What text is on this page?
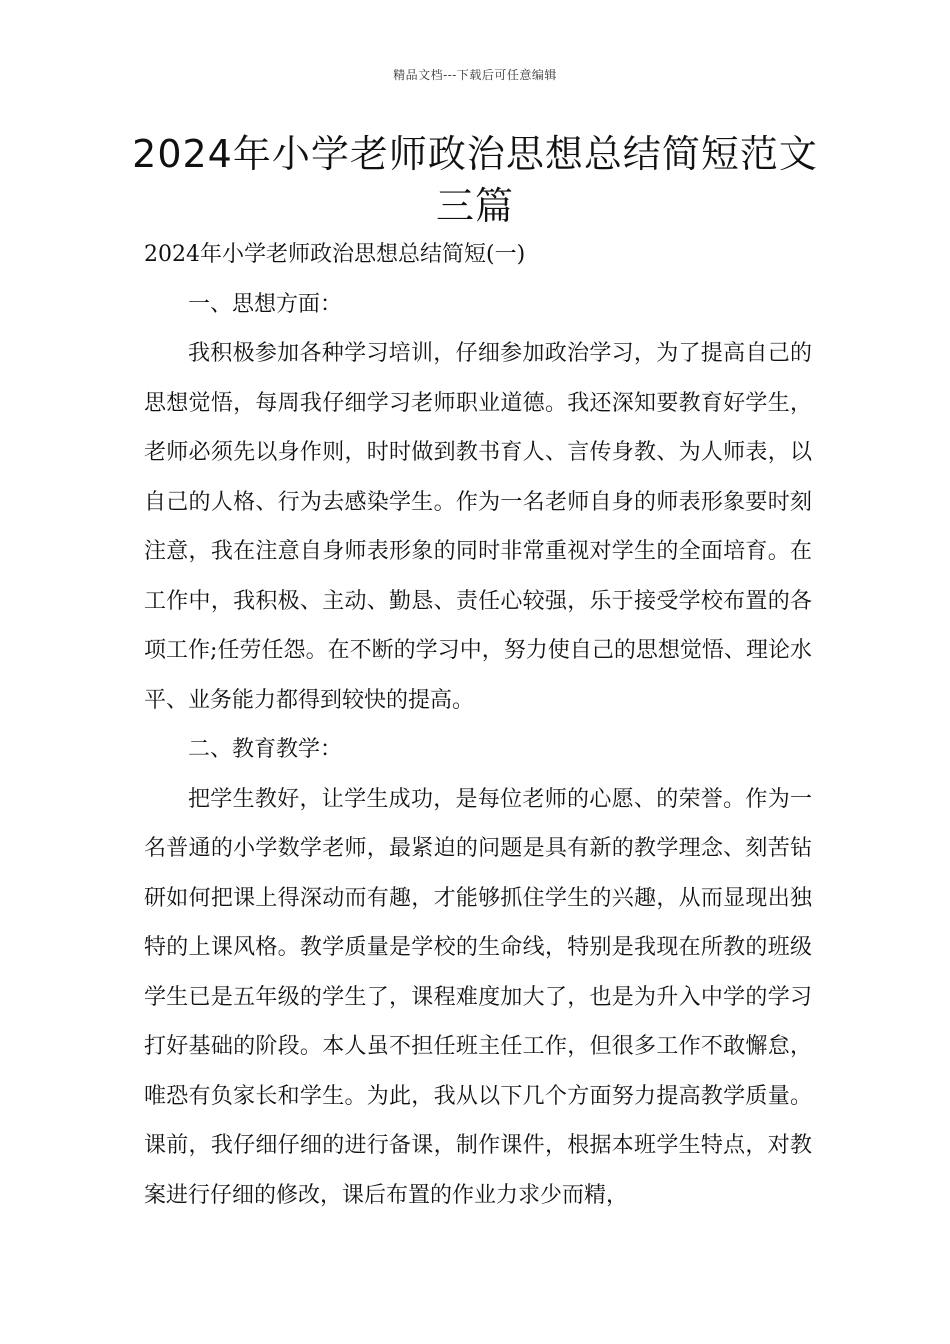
精品文档---下载后可任意编辑
2024年小学老师政治思想总结简短范文三篇

2024年小学老师政治思想总结简短(一)

一、思想方面：

我积极参加各种学习培训，仔细参加政治学习，为了提高自己的思想觉悟，每周我仔细学习老师职业道德。我还深知要教育好学生，老师必须先以身作则，时时做到教书育人、言传身教、为人师表，以自己的人格、行为去感染学生。作为一名老师自身的师表形象要时刻注意，我在注意自身师表形象的同时非常重视对学生的全面培育。在工作中，我积极、主动、勤恳、责任心较强，乐于接受学校布置的各项工作;任劳任怨。在不断的学习中，努力使自己的思想觉悟、理论水平、业务能力都得到较快的提高。

二、教育教学：

把学生教好，让学生成功，是每位老师的心愿、的荣誉。作为一名普通的小学数学老师，最紧迫的问题是具有新的教学理念、刻苦钻研如何把课上得深动而有趣，才能够抓住学生的兴趣，从而显现出独特的上课风格。教学质量是学校的生命线，特别是我现在所教的班级学生已是五年级的学生了，课程难度加大了，也是为升入中学的学习打好基础的阶段。本人虽不担任班主任工作，但很多工作不敢懈怠，唯恐有负家长和学生。为此，我从以下几个方面努力提高教学质量。课前，我仔细仔细的进行备课，制作课件，根据本班学生特点，对教案进行仔细的修改，课后布置的作业力求少而精，
